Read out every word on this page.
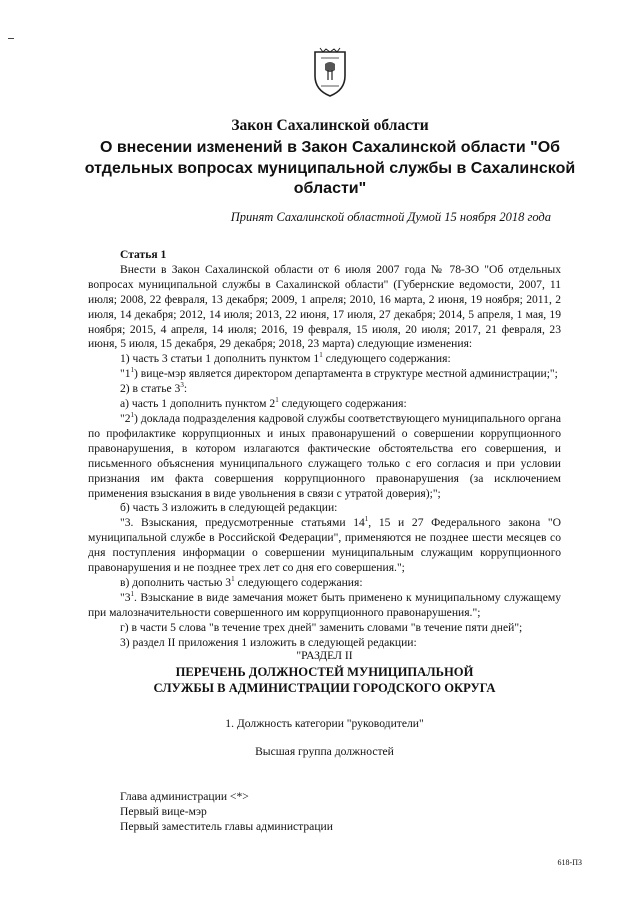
Закон Сахалинской области
О внесении изменений в Закон Сахалинской области "Об отдельных вопросах муниципальной службы в Сахалинской области"
Принят Сахалинской областной Думой 15 ноября 2018 года

Статья 1

Внести в Закон Сахалинской области от 6 июля 2007 года № 78-ЗО "Об отдельных вопросах муниципальной службы в Сахалинской области" (Губернские ведомости, 2007, 11 июля; 2008, 22 февраля, 13 декабря; 2009, 1 апреля; 2010, 16 марта, 2 июня, 19 ноября; 2011, 2 июля, 14 декабря; 2012, 14 июля; 2013, 22 июня, 17 июля, 27 декабря; 2014, 5 апреля, 1 мая, 19 ноября; 2015, 4 апреля, 14 июля; 2016, 19 февраля, 15 июля, 20 июля; 2017, 21 февраля, 23 июня, 5 июля, 15 декабря, 29 декабря; 2018, 23 марта) следующие изменения:

1) часть 3 статьи 1 дополнить пунктом $1^1$ следующего содержания:

"$1^1$) вице-мэр является директором департамента в структуре местной администрации;";

2) в статье $3^3$:

а) часть 1 дополнить пунктом $2^1$ следующего содержания:

"$2^1$) доклада подразделения кадровой службы соответствующего муниципального органа по профилактике коррупционных и иных правонарушений о совершении коррупционного правонарушения, в котором излагаются фактические обстоятельства его совершения, и письменного объяснения муниципального служащего только с его согласия и при условии признания им факта совершения коррупционного правонарушения (за исключением применения взыскания в виде увольнения в связи с утратой доверия);";

б) часть 3 изложить в следующей редакции:

"3. Взыскания, предусмотренные статьями $14^1$, 15 и 27 Федерального закона "О муниципальной службе в Российской Федерации", применяются не позднее шести месяцев со дня поступления информации о совершении муниципальным служащим коррупционного правонарушения и не позднее трех лет со дня его совершения.";

в) дополнить частью $3^1$ следующего содержания:

"$3^1$. Взыскание в виде замечания может быть применено к муниципальному служащему при малозначительности совершенного им коррупционного правонарушения.";

г) в части 5 слова "в течение трех дней" заменить словами "в течение пяти дней";

3) раздел II приложения 1 изложить в следующей редакции:

"РАЗДЕЛ II

ПЕРЕЧЕНЬ ДОЛЖНОСТЕЙ МУНИЦИПАЛЬНОЙ СЛУЖБЫ В АДМИНИСТРАЦИИ ГОРОДСКОГО ОКРУГА

1. Должность категории "руководители"

Высшая группа должностей

Глава администрации <*>
Первый вице-мэр
Первый заместитель главы администрации
618-ПЗ
